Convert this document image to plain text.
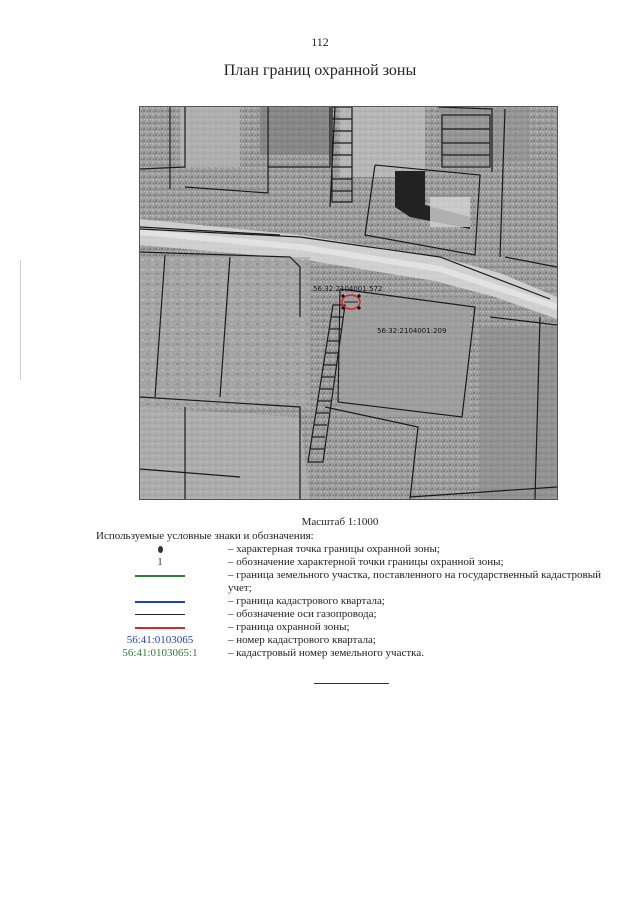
112
План границ охранной зоны
56:32:2104001:572
56:32:2104001:209
Масштаб 1:1000
Используемые условные знаки и обозначения:
– характерная точка границы охранной зоны;
1	– обозначение характерной точки границы охранной зоны;
– граница земельного участка, поставленного на государственный кадастровый учет;
– граница кадастрового квартала;
– обозначение оси газопровода;
– граница охранной зоны;
56:41:0103065	– номер кадастрового квартала;
56:41:0103065:1	– кадастровый номер земельного участка.
